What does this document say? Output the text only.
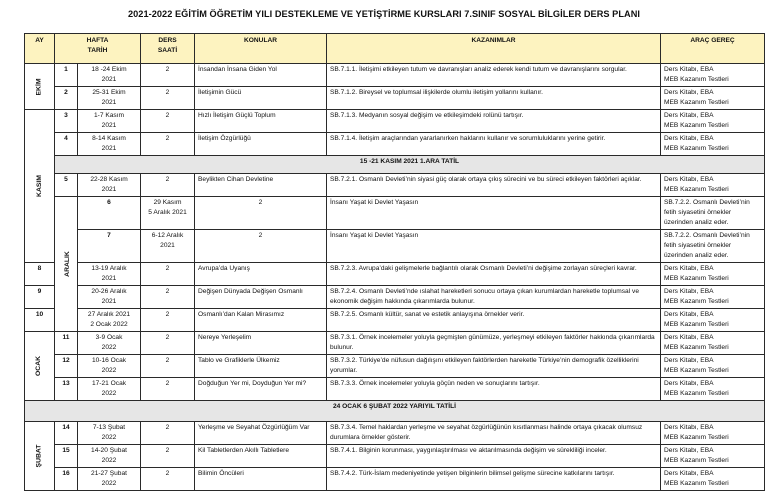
2021-2022 EĞİTİM ÖĞRETİM YILI DESTEKLEME VE YETİŞTİRME KURSLARI 7.SINIF SOSYAL BİLGİLER DERS PLANI
AY	HAFTA
TARİH		DERS
SAATİ	KONULAR	KAZANIMLAR	ARAÇ GEREÇ	
EKİM	1	18 -24 Ekim
2021
	2	İnsandan İnsana Giden Yol	SB.7.1.1. İletişimi etkileyen tutum ve davranışları analiz ederek kendi tutum ve davranışlarını sorgular.	Ders Kitabı, EBA
MEB Kazanım Testleri

2	25-31 Ekim
2021
	2	İletişimin Gücü	SB.7.1.2. Bireysel ve toplumsal ilişkilerde olumlu iletişim yollarını kullanır.	Ders Kitabı, EBA
MEB Kazanım Testleri

KASIM	3	1-7 Kasım
2021
	2	Hızlı İletişim Güçlü Toplum	SB.7.1.3. Medyanın sosyal değişim ve etkileşimdeki rolünü tartışır.	Ders Kitabı, EBA
MEB Kazanım Testleri

4	8-14 Kasım
2021
	2	İletişim Özgürlüğü	SB.7.1.4. İletişim araçlarından yararlanırken haklarını kullanır ve sorumluluklarını yerine getirir.	Ders Kitabı, EBA
MEB Kazanım Testleri

	15 -21 KASIM 2021 1.ARA TATİL						
5	22-28 Kasım
2021
	2	Beylikten Cihan Devletine	SB.7.2.1. Osmanlı Devleti’nin siyasi güç olarak ortaya çıkış sürecini ve bu süreci etkileyen faktörleri açıklar.	Ders Kitabı, EBA
MEB Kazanım Testleri

ARALIK	6	29 Kasım
5 Aralık 2021
	2	İnsanı Yaşat ki Devlet Yaşasın	SB.7.2.2. Osmanlı Devleti’nin fetih siyasetini örnekler üzerinden analiz eder.	

7	6-12 Aralık
2021
	2	İnsanı Yaşat ki Devlet Yaşasın	SB.7.2.2. Osmanlı Devleti’nin fetih siyasetini örnekler üzerinden analiz eder.	

8	13-19 Aralık
2021
	2	Avrupa’da Uyanış	SB.7.2.3. Avrupa’daki gelişmelerle bağlantılı olarak Osmanlı Devleti’ni değişime zorlayan süreçleri kavrar.	Ders Kitabı, EBA
MEB Kazanım Testleri

9	20-26 Aralık
2021
	2	Değişen Dünyada Değişen Osmanlı	SB.7.2.4. Osmanlı Devleti’nde ıslahat hareketleri sonucu ortaya çıkan kurumlardan hareketle toplumsal ve ekonomik değişim hakkında çıkarımlarda bulunur.	
Ders Kitabı, EBA
MEB Kazanım Testleri

10	27 Aralık 2021
2 Ocak 2022
	2	Osmanlı’dan Kalan Mirasımız	SB.7.2.5. Osmanlı kültür, sanat ve estetik anlayışına örnekler verir.	Ders Kitabı, EBA
MEB Kazanım Testleri

OCAK	11	3-9 Ocak
2022
	2	Nereye Yerleşelim	SB.7.3.1. Örnek incelemeler yoluyla geçmişten günümüze, yerleşmeyi etkileyen faktörler hakkında çıkarımlarda bulunur.	
Ders Kitabı, EBA
MEB Kazanım Testleri

12	10-16 Ocak
2022
	2	Tablo ve Grafiklerle Ülkemiz	SB.7.3.2. Türkiye’de nüfusun dağılışını etkileyen faktörlerden hareketle Türkiye’nin demografik özelliklerini yorumlar.	
Ders Kitabı, EBA
MEB Kazanım Testleri

13	17-21 Ocak
2022
	2	Doğduğun Yer mi, Doyduğun Yer mi?	SB.7.3.3. Örnek incelemeler yoluyla göçün neden ve sonuçlarını tartışır.	Ders Kitabı, EBA
MEB Kazanım Testleri

24 OCAK 6 ŞUBAT 2022 YARIYIL TATİLİ							
ŞUBAT	14	7-13 Şubat
2022
	2	Yerleşme ve Seyahat Özgürlüğüm Var	SB.7.3.4. Temel haklardan yerleşme ve seyahat özgürlüğünün kısıtlanması halinde ortaya çıkacak olumsuz durumlara örnekler gösterir.	
Ders Kitabı, EBA
MEB Kazanım Testleri

15	14-20 Şubat
2022
	2	Kil Tabletlerden Akıllı Tabletlere	SB.7.4.1. Bilginin korunması, yaygınlaştırılması ve aktarılmasında değişim ve sürekliliği inceler.	Ders Kitabı, EBA
MEB Kazanım Testleri

16	21-27 Şubat
2022
	2	Bilimin Öncüleri	SB.7.4.2. Türk-İslam medeniyetinde yetişen bilginlerin bilimsel gelişme sürecine katkılarını tartışır.	Ders Kitabı, EBA
MEB Kazanım Testleri
